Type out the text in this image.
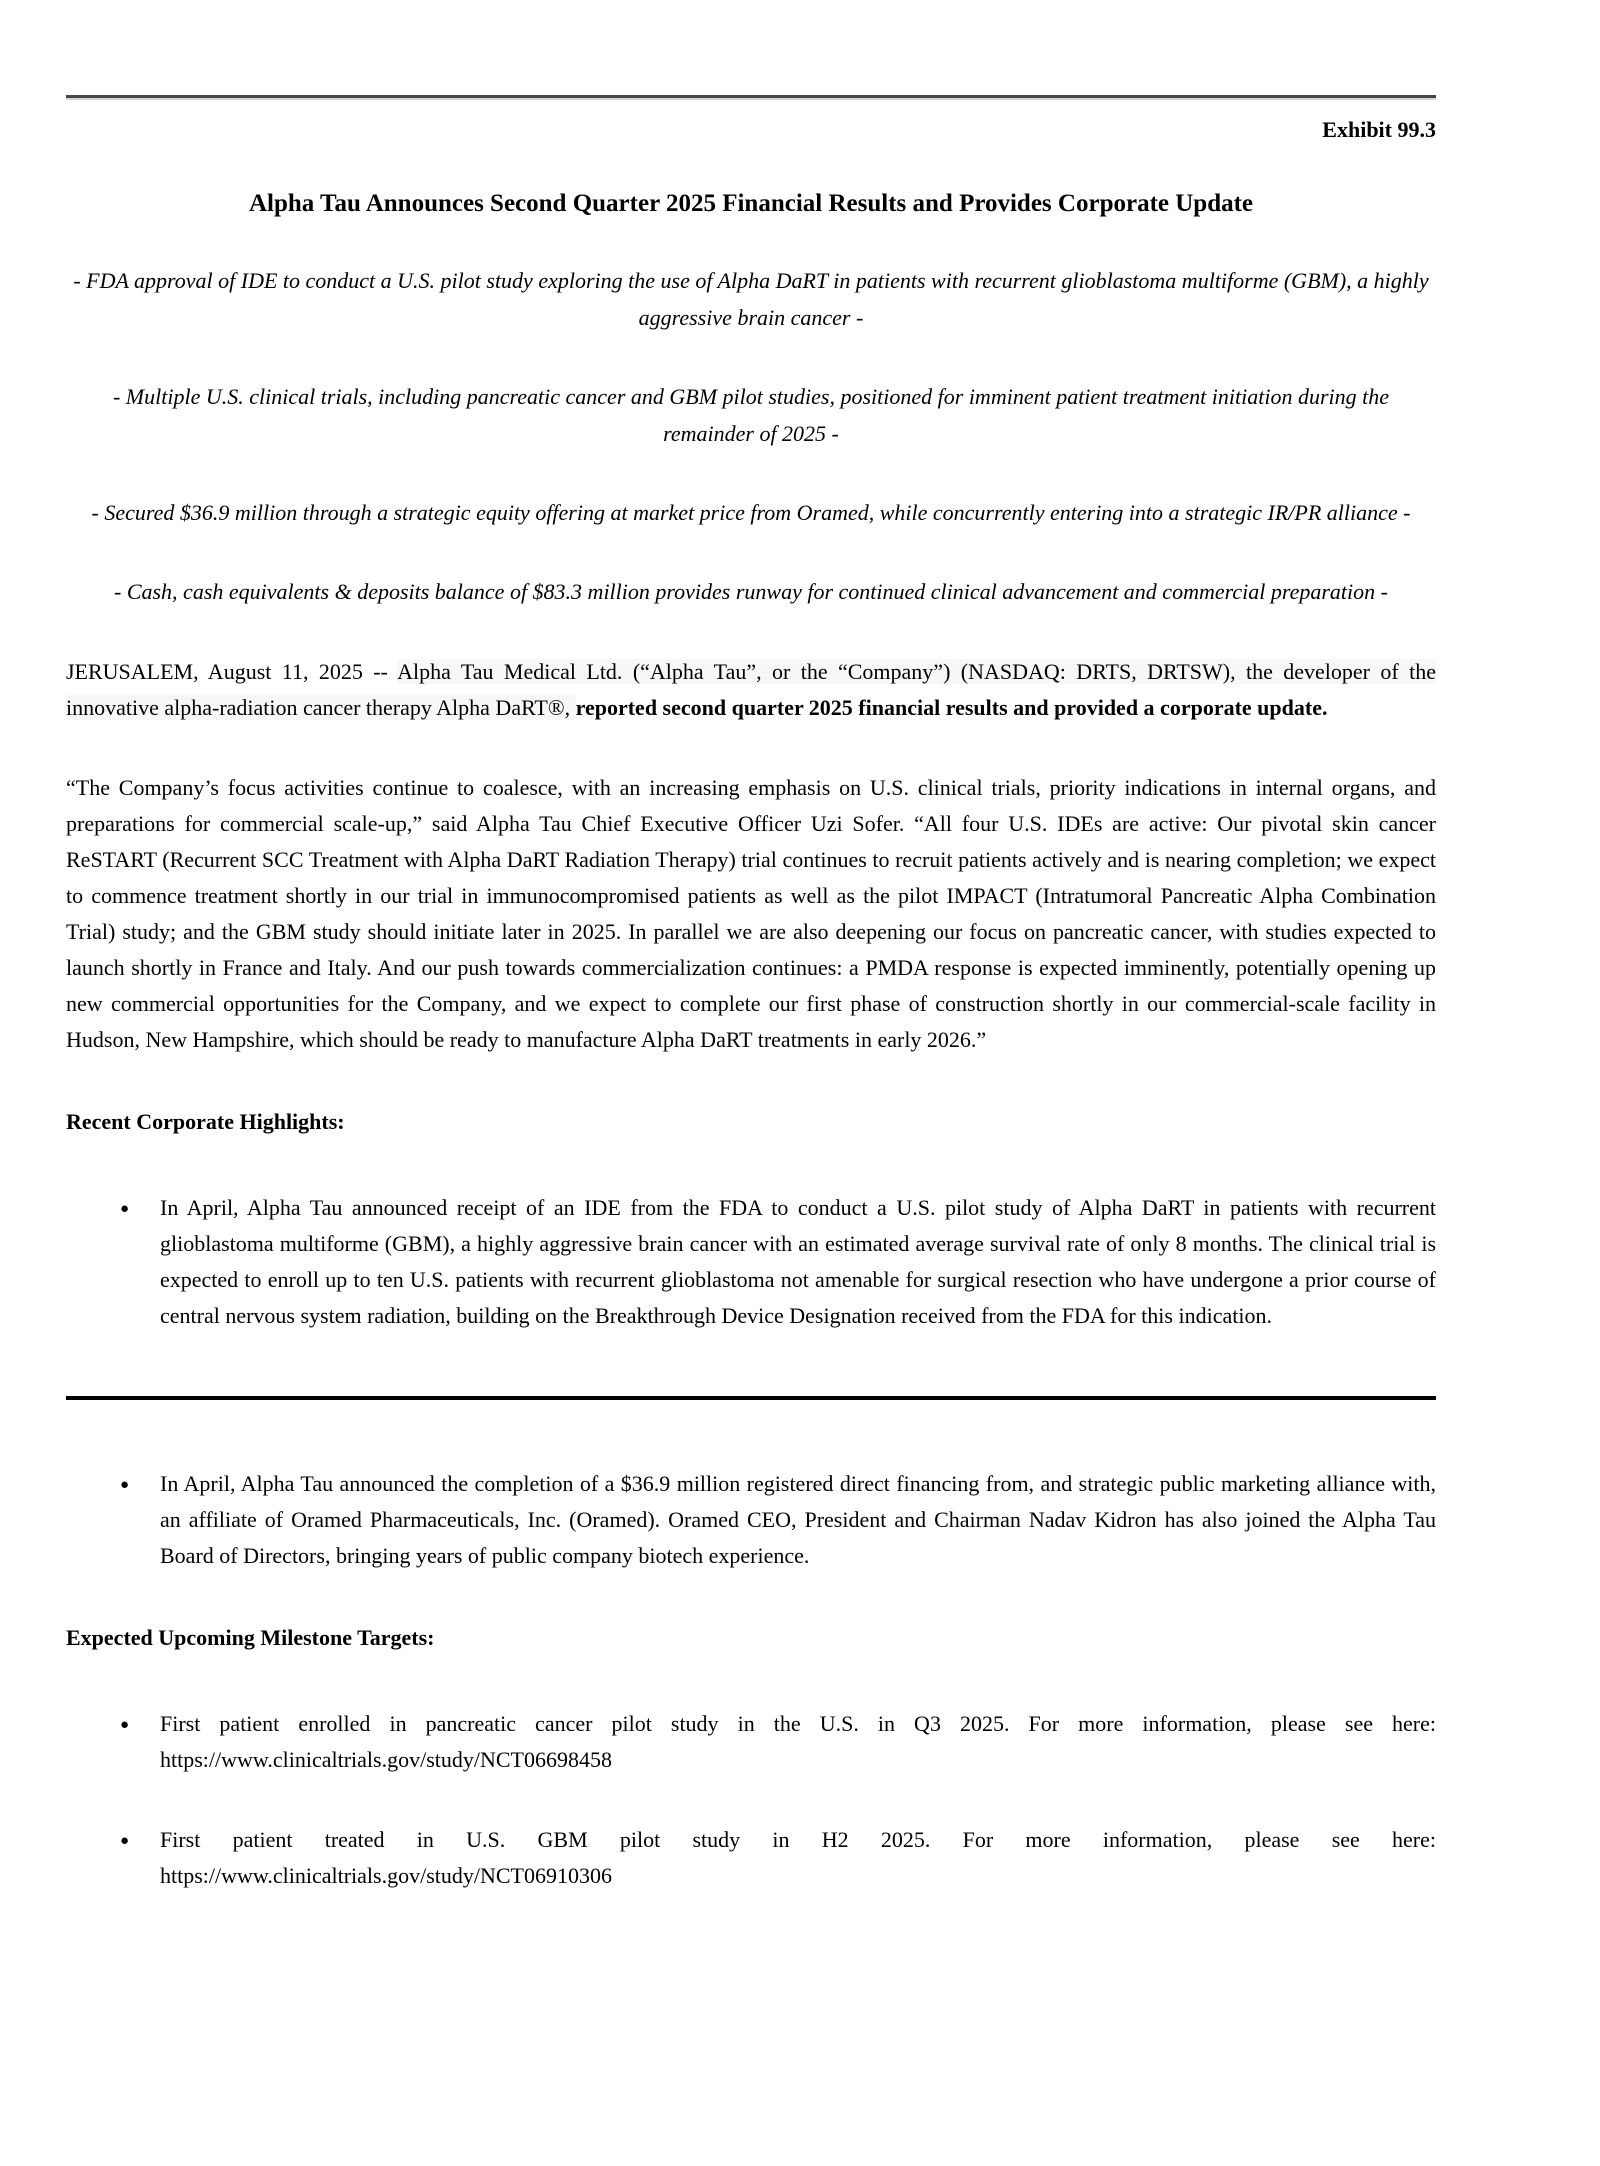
Exhibit 99.3
Alpha Tau Announces Second Quarter 2025 Financial Results and Provides Corporate Update
- FDA approval of IDE to conduct a U.S. pilot study exploring the use of Alpha DaRT in patients with recurrent glioblastoma multiforme (GBM), a highly aggressive brain cancer -
- Multiple U.S. clinical trials, including pancreatic cancer and GBM pilot studies, positioned for imminent patient treatment initiation during the remainder of 2025 -
- Secured $36.9 million through a strategic equity offering at market price from Oramed, while concurrently entering into a strategic IR/PR alliance -
- Cash, cash equivalents & deposits balance of $83.3 million provides runway for continued clinical advancement and commercial preparation -

JERUSALEM, August 11, 2025 -- Alpha Tau Medical Ltd. (“Alpha Tau”, or the “Company”) (NASDAQ: DRTS, DRTSW), the developer of the innovative alpha-radiation cancer therapy Alpha DaRT®, reported second quarter 2025 financial results and provided a corporate update.

“The Company’s focus activities continue to coalesce, with an increasing emphasis on U.S. clinical trials, priority indications in internal organs, and preparations for commercial scale-up,” said Alpha Tau Chief Executive Officer Uzi Sofer. “All four U.S. IDEs are active: Our pivotal skin cancer ReSTART (Recurrent SCC Treatment with Alpha DaRT Radiation Therapy) trial continues to recruit patients actively and is nearing completion; we expect to commence treatment shortly in our trial in immunocompromised patients as well as the pilot IMPACT (Intratumoral Pancreatic Alpha Combination Trial) study; and the GBM study should initiate later in 2025. In parallel we are also deepening our focus on pancreatic cancer, with studies expected to launch shortly in France and Italy. And our push towards commercialization continues: a PMDA response is expected imminently, potentially opening up new commercial opportunities for the Company, and we expect to complete our first phase of construction shortly in our commercial-scale facility in Hudson, New Hampshire, which should be ready to manufacture Alpha DaRT treatments in early 2026.”

Recent Corporate Highlights:
● In April, Alpha Tau announced receipt of an IDE from the FDA to conduct a U.S. pilot study of Alpha DaRT in patients with recurrent glioblastoma multiforme (GBM), a highly aggressive brain cancer with an estimated average survival rate of only 8 months. The clinical trial is expected to enroll up to ten U.S. patients with recurrent glioblastoma not amenable for surgical resection who have undergone a prior course of central nervous system radiation, building on the Breakthrough Device Designation received from the FDA for this indication.
● In April, Alpha Tau announced the completion of a $36.9 million registered direct financing from, and strategic public marketing alliance with, an affiliate of Oramed Pharmaceuticals, Inc. (Oramed). Oramed CEO, President and Chairman Nadav Kidron has also joined the Alpha Tau Board of Directors, bringing years of public company biotech experience.
Expected Upcoming Milestone Targets:
● First patient enrolled in pancreatic cancer pilot study in the U.S. in Q3 2025. For more information, please see here: https://www.clinicaltrials.gov/study/NCT06698458
● First patient treated in U.S. GBM pilot study in H2 2025. For more information, please see here: https://www.clinicaltrials.gov/study/NCT06910306
